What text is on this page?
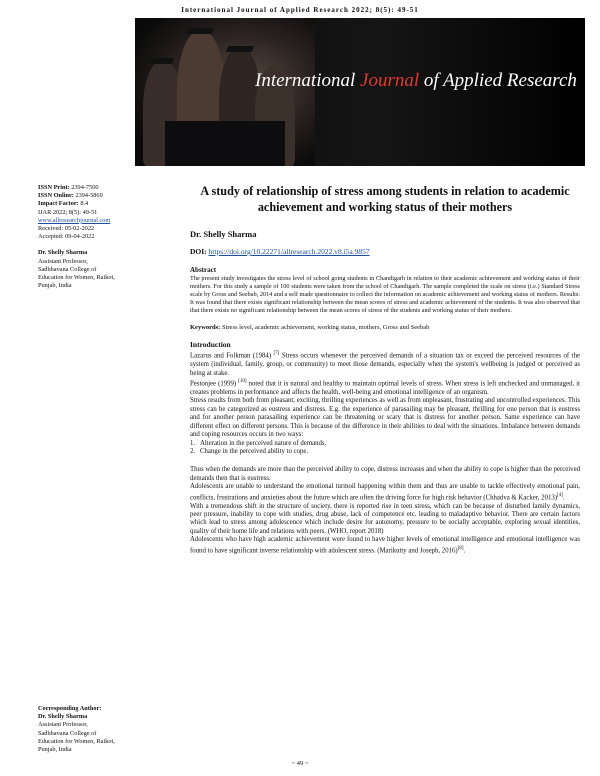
International Journal of Applied Research 2022; 8(5): 49-51
International Journal of Applied Research
ISSN Print: 2394-7500
ISSN Online: 2394-5869
Impact Factor: 8.4
IJAR 2022; 8(5): 49-51
www.allresearchjournal.com
Received: 05-02-2022
Accepted: 09-04-2022
Dr. Shelly Sharma
Assistant Professor,
Sadbhavana College of
Education for Women, Raikot,
Punjab, India
Corresponding Author:
Dr. Shelly Sharma
Assistant Professor,
Sadbhavana College of
Education for Women, Raikot,
Punjab, India
A study of relationship of stress among students in relation to academic achievement and working status of their mothers
Dr. Shelly Sharma
DOI: https://doi.org/10.22271/allresearch.2022.v8.i5a.9857
Abstract
The present study investigates the stress level of school going students in Chandigarh in relation to their academic achievement and working status of their mothers. For this study a sample of 100 students were taken from the school of Chandigarh. The sample completed the scale on stress (i.e.) Standard Stress scale by Gross and Seebab, 2014 and a self made questionnaire to collect the information on academic achievement and working status of mothers. Results: It was found that there exists significant relationship between the mean scores of stress and academic achievement of the students. It was also observed that that there exists no significant relationship between the mean scores of stress of the students and working status of their mothers.
Keywords: Stress level, academic achievement, working status, mothers, Gross and Seebab
Introduction

Lazarus and Folkman (1984) [7] Stress occurs whenever the perceived demands of a situation tax or exceed the perceived resources of the system (individual, family, group, or community) to meet those demands, especially when the system's wellbeing is judged or perceived as being at stake.

Pestonjee (1999) [10] noted that it is natural and healthy to maintain optimal levels of stress. When stress is left unchecked and unmanaged, it creates problems in performance and affects the health, well-being and emotional intelligence of an organism.

Stress results from both from pleasant, exciting, thrilling experiences as well as from unpleasant, frustrating and uncontrolled experiences. This stress can be categorized as eustress and distress. E.g. the experience of parasailing may be pleasant, thrilling for one person that is eustress and for another person parasailing experience can be threatening or scary that is distress for another person. Same experience can have different effect on different persons. This is because of the difference in their abilities to deal with the situations. Imbalance between demands and coping resources occurs in two ways:

1. Alteration in the perceived nature of demands.
2. Change in the perceived ability to cope.

Thus when the demands are more than the perceived ability to cope, distress increases and when the ability to cope is higher than the perceived demands then that is eustress.

Adolescents are unable to understand the emotional turmoil happening within them and thus are unable to tackle effectively emotional pain, conflicts, frustrations and anxieties about the future which are often the driving force for high risk behavior (Chhadva & Kacker, 2013)[4].

With a tremendous shift in the structure of society, there is reported rise in teen stress, which can be because of disturbed family dynamics, peer pressure, inability to cope with studies, drug abuse, lack of competence etc. leading to maladaptive behavior. There are certain factors which lead to stress among adolescence which include desire for autonomy, pressure to be socially acceptable, exploring sexual identities, quality of their home life and relations with peers. (WHO, report 2018)

Adolescents who have high academic achievement were found to have higher levels of emotional intelligence and emotional intelligence was found to have significant inverse relationship with adolescent stress. (Marikutty and Joseph, 2016)[8].

~ 49 ~
